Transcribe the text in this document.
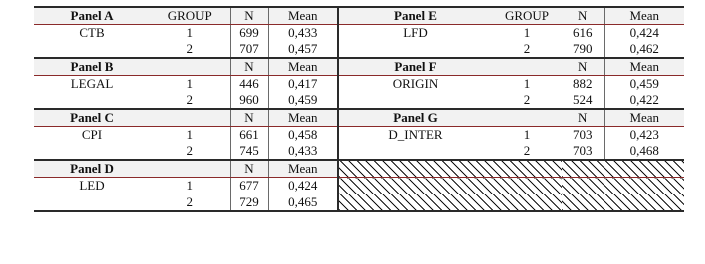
Panel A	GROUP	N	Mean	Panel E	GROUP	N	Mean
CTB	1	699	0,433	LFD	1	616	0,424
	2	707	0,457		2	790	0,462
Panel B		N	Mean	Panel F		N	Mean
LEGAL	1	446	0,417	ORIGIN	1	882	0,459
	2	960	0,459		2	524	0,422
Panel C		N	Mean	Panel G		N	Mean
CPI	1	661	0,458	D_INTER	1	703	0,423
	2	745	0,433		2	703	0,468
Panel D		N	Mean				
LED	1	677	0,424				
	2	729	0,465				
